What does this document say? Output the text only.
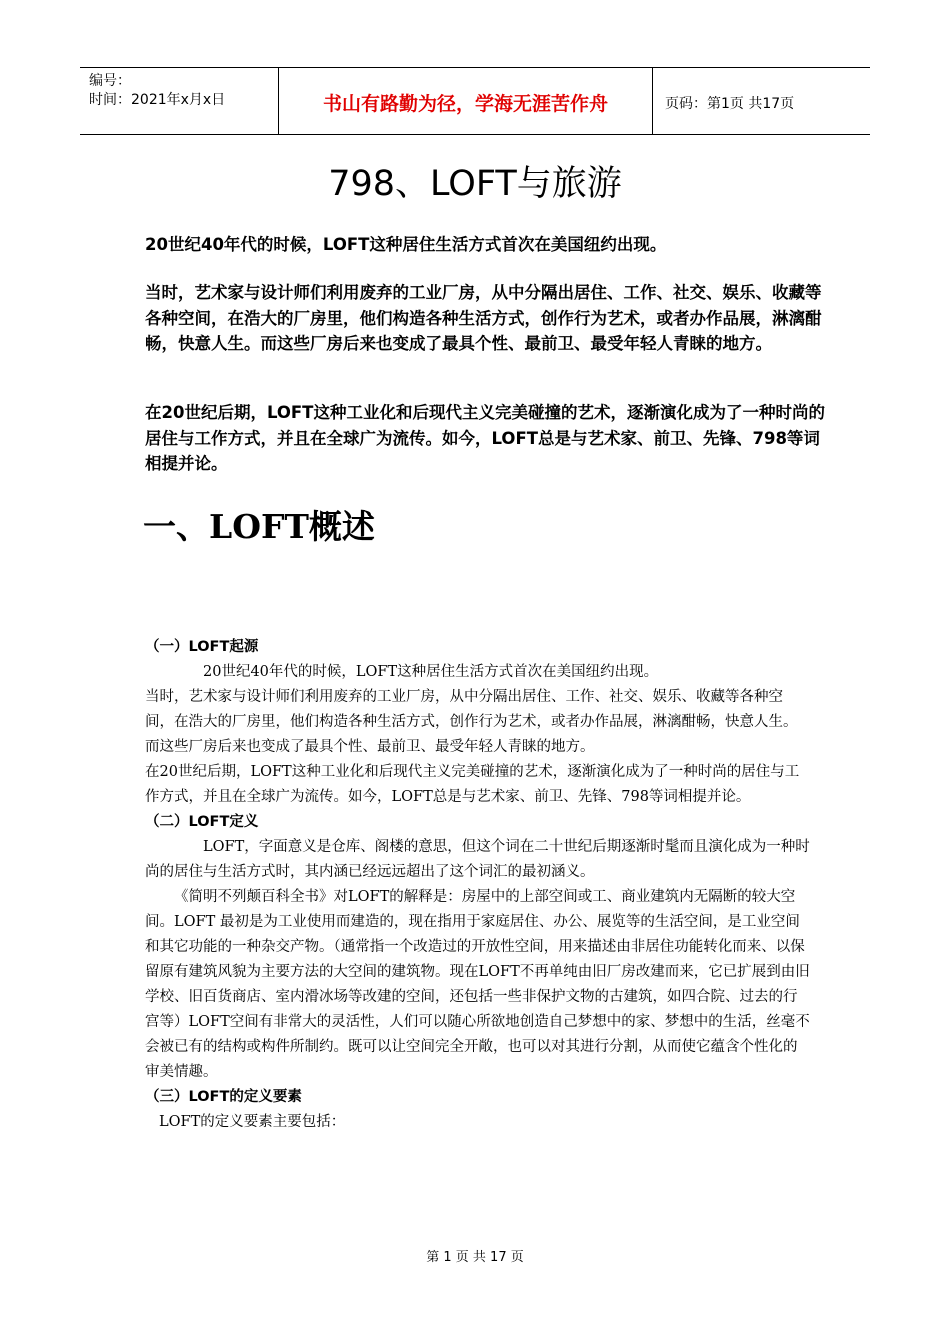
编号：
时间：2021年x月x日	书山有路勤为径，学海无涯苦作舟	页码：第1页 共17页
798、LOFT与旅游

20世纪40年代的时候，LOFT这种居住生活方式首次在美国纽约出现。

当时，艺术家与设计师们利用废弃的工业厂房，从中分隔出居住、工作、社交、娱乐、收藏等各种空间，在浩大的厂房里，他们构造各种生活方式，创作行为艺术，或者办作品展，淋漓酣畅，快意人生。而这些厂房后来也变成了最具个性、最前卫、最受年轻人青睐的地方。

在20世纪后期，LOFT这种工业化和后现代主义完美碰撞的艺术，逐渐演化成为了一种时尚的居住与工作方式，并且在全球广为流传。如今，LOFT总是与艺术家、前卫、先锋、798等词相提并论。

一、LOFT概述

（一）LOFT起源

20世纪40年代的时候，LOFT这种居住生活方式首次在美国纽约出现。

当时，艺术家与设计师们利用废弃的工业厂房，从中分隔出居住、工作、社交、娱乐、收藏等各种空间，在浩大的厂房里，他们构造各种生活方式，创作行为艺术，或者办作品展，淋漓酣畅，快意人生。而这些厂房后来也变成了最具个性、最前卫、最受年轻人青睐的地方。

在20世纪后期，LOFT这种工业化和后现代主义完美碰撞的艺术，逐渐演化成为了一种时尚的居住与工作方式，并且在全球广为流传。如今，LOFT总是与艺术家、前卫、先锋、798等词相提并论。

（二）LOFT定义

LOFT，字面意义是仓库、阁楼的意思，但这个词在二十世纪后期逐渐时髦而且演化成为一种时尚的居住与生活方式时，其内涵已经远远超出了这个词汇的最初涵义。

《简明不列颠百科全书》对LOFT的解释是：房屋中的上部空间或工、商业建筑内无隔断的较大空间。LOFT 最初是为工业使用而建造的，现在指用于家庭居住、办公、展览等的生活空间，是工业空间和其它功能的一种杂交产物。（通常指一个改造过的开放性空间，用来描述由非居住功能转化而来、以保留原有建筑风貌为主要方法的大空间的建筑物。现在LOFT不再单纯由旧厂房改建而来，它已扩展到由旧学校、旧百货商店、室内滑冰场等改建的空间，还包括一些非保护文物的古建筑，如四合院、过去的行宫等）LOFT空间有非常大的灵活性，人们可以随心所欲地创造自己梦想中的家、梦想中的生活，丝毫不会被已有的结构或构件所制约。既可以让空间完全开敞，也可以对其进行分割，从而使它蕴含个性化的审美情趣。

（三）LOFT的定义要素

LOFT的定义要素主要包括：

第 1 页 共 17 页
